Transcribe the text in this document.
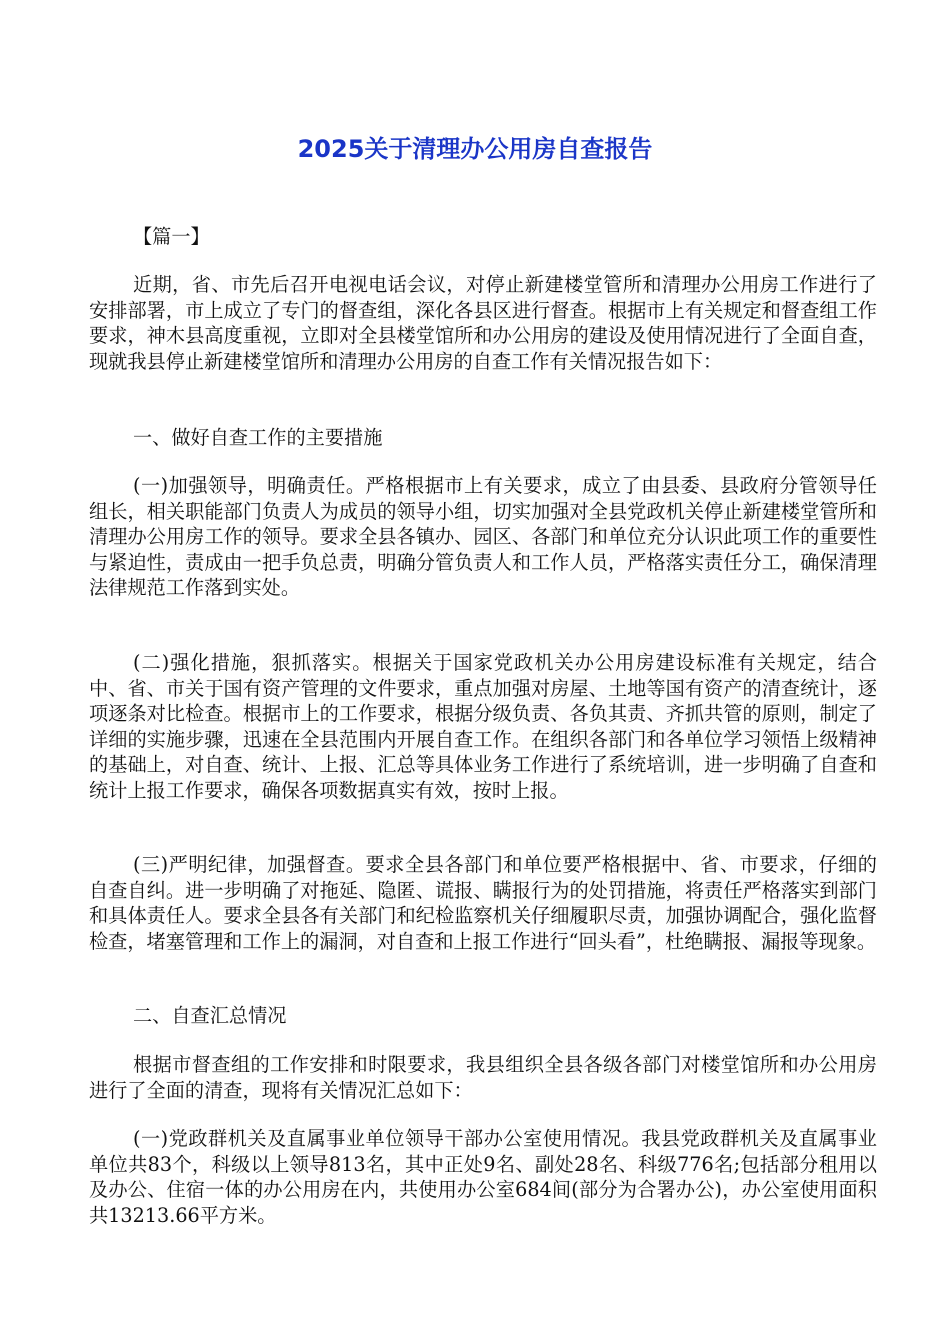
2025关于清理办公用房自查报告

【篇一】

近期，省、市先后召开电视电话会议，对停止新建楼堂管所和清理办公用房工作进行了安排部署，市上成立了专门的督查组，深化各县区进行督查。根据市上有关规定和督查组工作要求，神木县高度重视，立即对全县楼堂馆所和办公用房的建设及使用情况进行了全面自查，现就我县停止新建楼堂馆所和清理办公用房的自查工作有关情况报告如下：

一、做好自查工作的主要措施

(一)加强领导，明确责任。严格根据市上有关要求，成立了由县委、县政府分管领导任组长，相关职能部门负责人为成员的领导小组，切实加强对全县党政机关停止新建楼堂管所和清理办公用房工作的领导。要求全县各镇办、园区、各部门和单位充分认识此项工作的重要性与紧迫性，责成由一把手负总责，明确分管负责人和工作人员，严格落实责任分工，确保清理法律规范工作落到实处。

(二)强化措施，狠抓落实。根据关于国家党政机关办公用房建设标准有关规定，结合中、省、市关于国有资产管理的文件要求，重点加强对房屋、土地等国有资产的清查统计，逐项逐条对比检查。根据市上的工作要求，根据分级负责、各负其责、齐抓共管的原则，制定了详细的实施步骤，迅速在全县范围内开展自查工作。在组织各部门和各单位学习领悟上级精神的基础上，对自查、统计、上报、汇总等具体业务工作进行了系统培训，进一步明确了自查和统计上报工作要求，确保各项数据真实有效，按时上报。

(三)严明纪律，加强督查。要求全县各部门和单位要严格根据中、省、市要求，仔细的自查自纠。进一步明确了对拖延、隐匿、谎报、瞒报行为的处罚措施，将责任严格落实到部门和具体责任人。要求全县各有关部门和纪检监察机关仔细履职尽责，加强协调配合，强化监督检查，堵塞管理和工作上的漏洞，对自查和上报工作进行“回头看”，杜绝瞒报、漏报等现象。

二、自查汇总情况

根据市督查组的工作安排和时限要求，我县组织全县各级各部门对楼堂馆所和办公用房进行了全面的清查，现将有关情况汇总如下：

(一)党政群机关及直属事业单位领导干部办公室使用情况。我县党政群机关及直属事业单位共83个，科级以上领导813名，其中正处9名、副处28名、科级776名;包括部分租用以及办公、住宿一体的办公用房在内，共使用办公室684间(部分为合署办公)，办公室使用面积共13213.66平方米。
